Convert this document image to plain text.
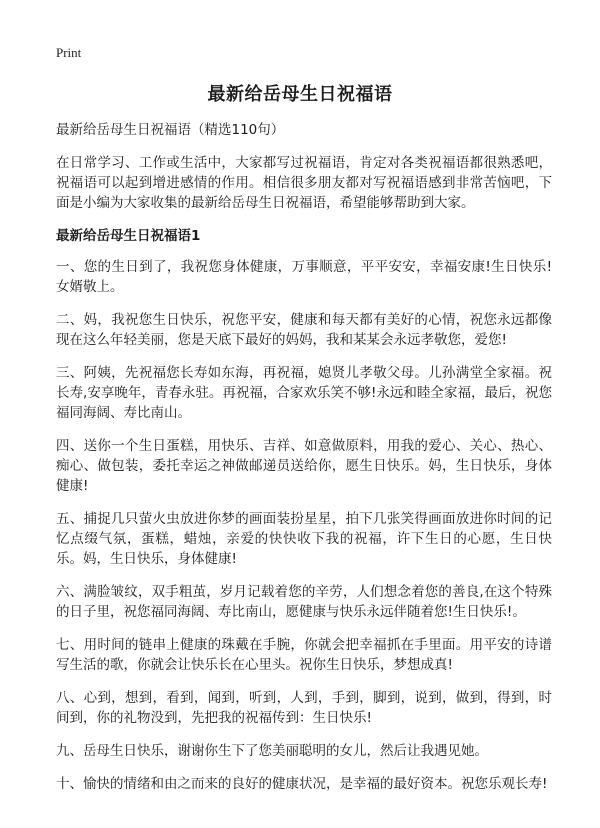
Print
最新给岳母生日祝福语

最新给岳母生日祝福语（精选110句）

在日常学习、工作或生活中，大家都写过祝福语，肯定对各类祝福语都很熟悉吧，祝福语可以起到增进感情的作用。相信很多朋友都对写祝福语感到非常苦恼吧，下面是小编为大家收集的最新给岳母生日祝福语，希望能够帮助到大家。

最新给岳母生日祝福语1

一、您的生日到了，我祝您身体健康，万事顺意，平平安安，幸福安康!生日快乐!女婿敬上。

二、妈，我祝您生日快乐，祝您平安，健康和每天都有美好的心情，祝您永远都像现在这么年轻美丽，您是天底下最好的妈妈，我和某某会永远孝敬您，爱您!

三、阿姨，先祝福您长寿如东海，再祝福，媳贤儿孝敬父母。儿孙满堂全家福。祝长寿,安享晚年，青春永驻。再祝福，合家欢乐笑不够!永远和睦全家福，最后，祝您福同海阔、寿比南山。

四、送你一个生日蛋糕，用快乐、吉祥、如意做原料，用我的爱心、关心、热心、痴心、做包装，委托幸运之神做邮递员送给你，愿生日快乐。妈，生日快乐，身体健康!

五、捕捉几只萤火虫放进你梦的画面装扮星星，拍下几张笑得画面放进你时间的记忆点缀气氛，蛋糕，蜡烛，亲爱的快快收下我的祝福，许下生日的心愿，生日快乐。妈，生日快乐，身体健康!

六、满脸皱纹，双手粗茧，岁月记载着您的辛劳，人们想念着您的善良,在这个特殊的日子里，祝您福同海阔、寿比南山，愿健康与快乐永远伴随着您!生日快乐!。

七、用时间的链串上健康的珠戴在手腕，你就会把幸福抓在手里面。用平安的诗谱写生活的歌，你就会让快乐长在心里头。祝你生日快乐，梦想成真!

八、心到，想到，看到，闻到，听到，人到，手到，脚到，说到，做到，得到，时间到，你的礼物没到，先把我的祝福传到：生日快乐!

九、岳母生日快乐，谢谢你生下了您美丽聪明的女儿，然后让我遇见她。

十、愉快的情绪和由之而来的良好的健康状况，是幸福的最好资本。祝您乐观长寿!
